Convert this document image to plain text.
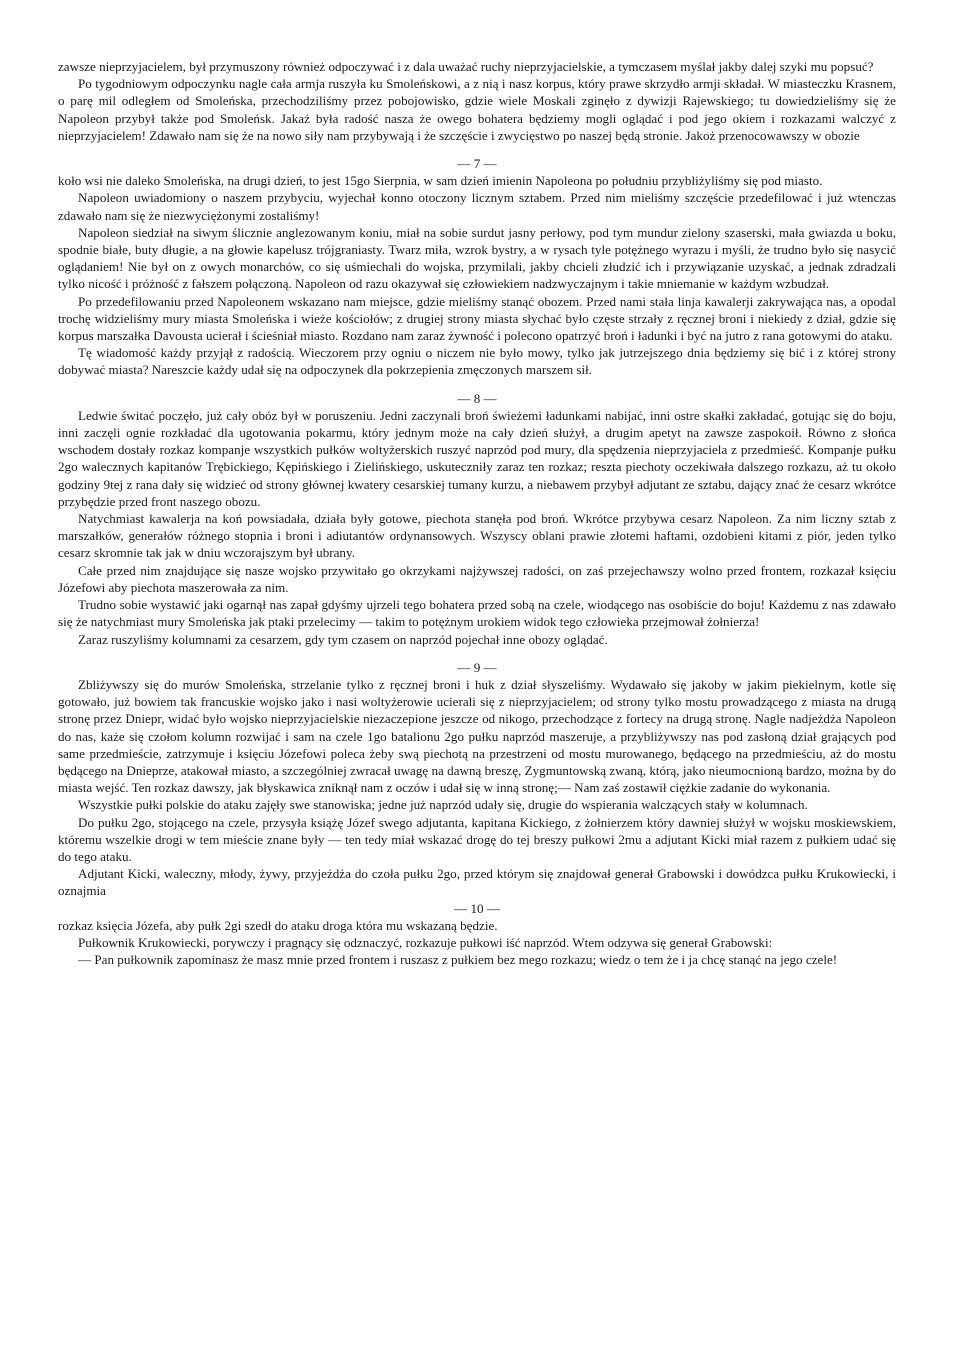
zawsze nieprzyjacielem, był przymuszony również odpoczywać i z dala uważać ruchy nieprzyjacielskie, a tymczasem myślał jakby dalej szyki mu popsuć?

Po tygodniowym odpoczynku nagle cała armja ruszyła ku Smoleńskowi, a z nią i nasz korpus, który prawe skrzydło armji składał. W miasteczku Krasnem, o parę mil odległem od Smoleńska, przechodziliśmy przez pobojowisko, gdzie wiele Moskali zginęło z dywizji Rajewskiego; tu dowiedzieliśmy się że Napoleon przybył także pod Smoleńsk. Jakaż była radość nasza że owego bohatera będziemy mogli oglądać i pod jego okiem i rozkazami walczyć z nieprzyjacielem! Zdawało nam się że na nowo siły nam przybywają i że szczęście i zwycięstwo po naszej będą stronie. Jakoż przenocowawszy w obozie

— 7 —

koło wsi nie daleko Smoleńska, na drugi dzień, to jest 15go Sierpnia, w sam dzień imienin Napoleona po południu przybliżyliśmy się pod miasto.

Napoleon uwiadomiony o naszem przybyciu, wyjechał konno otoczony licznym sztabem. Przed nim mieliśmy szczęście przedefilować i już wtenczas zdawało nam się że niezwyciężonymi zostaliśmy!

Napoleon siedział na siwym ślicznie anglezowanym koniu, miał na sobie surdut jasny perłowy, pod tym mundur zielony szaserski, mała gwiazda u boku, spodnie białe, buty długie, a na głowie kapelusz trójgraniasty. Twarz miła, wzrok bystry, a w rysach tyle potężnego wyrazu i myśli, że trudno było się nasycić oglądaniem! Nie był on z owych monarchów, co się uśmiechali do wojska, przymilali, jakby chcieli złudzić ich i przywiązanie uzyskać, a jednak zdradzali tylko nicość i próżność z fałszem połączoną. Napoleon od razu okazywał się człowiekiem nadzwyczajnym i takie mniemanie w każdym wzbudzał.

Po przedefilowaniu przed Napoleonem wskazano nam miejsce, gdzie mieliśmy stanąć obozem. Przed nami stała linja kawalerji zakrywająca nas, a opodal trochę widzieliśmy mury miasta Smoleńska i wieże kościołów; z drugiej strony miasta słychać było częste strzały z ręcznej broni i niekiedy z dział, gdzie się korpus marszałka Davousta ucierał i ścieśniał miasto. Rozdano nam zaraz żywność i polecono opatrzyć broń i ładunki i być na jutro z rana gotowymi do ataku.

Tę wiadomość każdy przyjął z radością. Wieczorem przy ogniu o niczem nie było mowy, tylko jak jutrzejszego dnia będziemy się bić i z której strony dobywać miasta? Nareszcie każdy udał się na odpoczynek dla pokrzepienia zmęczonych marszem sił.

— 8 —

Ledwie świtać poczęło, już cały obóz był w poruszeniu. Jedni zaczynali broń świeżemi ładunkami nabijać, inni ostre skałki zakładać, gotując się do boju, inni zaczęli ognie rozkładać dla ugotowania pokarmu, który jednym może na cały dzień służył, a drugim apetyt na zawsze zaspokoił. Równo z słońca wschodem dostały rozkaz kompanje wszystkich pułków woltyżerskich ruszyć naprzód pod mury, dla spędzenia nieprzyjaciela z przedmieść. Kompanje pułku 2go walecznych kapitanów Trębickiego, Kępińskiego i Zielińskiego, uskuteczniły zaraz ten rozkaz; reszta piechoty oczekiwała dalszego rozkazu, aż tu około godziny 9tej z rana dały się widzieć od strony głównej kwatery cesarskiej tumany kurzu, a niebawem przybył adjutant ze sztabu, dający znać że cesarz wkrótce przybędzie przed front naszego obozu.

Natychmiast kawalerja na koń powsiadała, działa były gotowe, piechota stanęła pod broń. Wkrótce przybywa cesarz Napoleon. Za nim liczny sztab z marszałków, generałów różnego stopnia i broni i adiutantów ordynansowych. Wszyscy oblani prawie złotemi haftami, ozdobieni kitami z piór, jeden tylko cesarz skromnie tak jak w dniu wczorajszym był ubrany.

Całe przed nim znajdujące się nasze wojsko przywitało go okrzykami najżywszej radości, on zaś przejechawszy wolno przed frontem, rozkazał księciu Józefowi aby piechota maszerowała za nim.

Trudno sobie wystawić jaki ogarnął nas zapał gdyśmy ujrzeli tego bohatera przed sobą na czele, wiodącego nas osobiście do boju! Każdemu z nas zdawało się że natychmiast mury Smoleńska jak ptaki przelecimy — takim to potężnym urokiem widok tego człowieka przejmował żołnierza!

Zaraz ruszyliśmy kolumnami za cesarzem, gdy tym czasem on naprzód pojechał inne obozy oglądać.

— 9 —

Zbliżywszy się do murów Smoleńska, strzelanie tylko z ręcznej broni i huk z dział słyszeliśmy. Wydawało się jakoby w jakim piekielnym, kotle się gotowało, już bowiem tak francuskie wojsko jako i nasi woltyżerowie ucierali się z nieprzyjacielem; od strony tylko mostu prowadzącego z miasta na drugą stronę przez Dniepr, widać było wojsko nieprzyjacielskie niezaczepione jeszcze od nikogo, przechodzące z fortecy na drugą stronę. Nagle nadjeżdża Napoleon do nas, każe się czołom kolumn rozwijać i sam na czele 1go batalionu 2go pułku naprzód maszeruje, a przybliżywszy nas pod zasłoną dział grających pod same przedmieście, zatrzymuje i księciu Józefowi poleca żeby swą piechotą na przestrzeni od mostu murowanego, będącego na przedmieściu, aż do mostu będącego na Dnieprze, atakował miasto, a szczególniej zwracał uwagę na dawną breszę, Zygmuntowską zwaną, którą, jako nieumocnioną bardzo, można by do miasta wejść. Ten rozkaz dawszy, jak błyskawica zniknął nam z oczów i udał się w inną stronę;— Nam zaś zostawił ciężkie zadanie do wykonania.

Wszystkie pułki polskie do ataku zajęły swe stanowiska; jedne już naprzód udały się, drugie do wspierania walczących stały w kolumnach.

Do pułku 2go, stojącego na czele, przysyła książę Józef swego adjutanta, kapitana Kickiego, z żołnierzem który dawniej służył w wojsku moskiewskiem, któremu wszelkie drogi w tem mieście znane były — ten tedy miał wskazać drogę do tej breszy pułkowi 2mu a adjutant Kicki miał razem z pułkiem udać się do tego ataku.

Adjutant Kicki, waleczny, młody, żywy, przyjeżdża do czoła pułku 2go, przed którym się znajdował generał Grabowski i dowódzca pułku Krukowiecki, i oznajmia

— 10 —

rozkaz księcia Józefa, aby pułk 2gi szedł do ataku droga która mu wskazaną będzie.

Pułkownik Krukowiecki, porywczy i pragnący się odznaczyć, rozkazuje pułkowi iść naprzód. Wtem odzywa się generał Grabowski:

— Pan pułkownik zapominasz że masz mnie przed frontem i ruszasz z pułkiem bez mego rozkazu; wiedz o tem że i ja chcę stanąć na jego czele!
